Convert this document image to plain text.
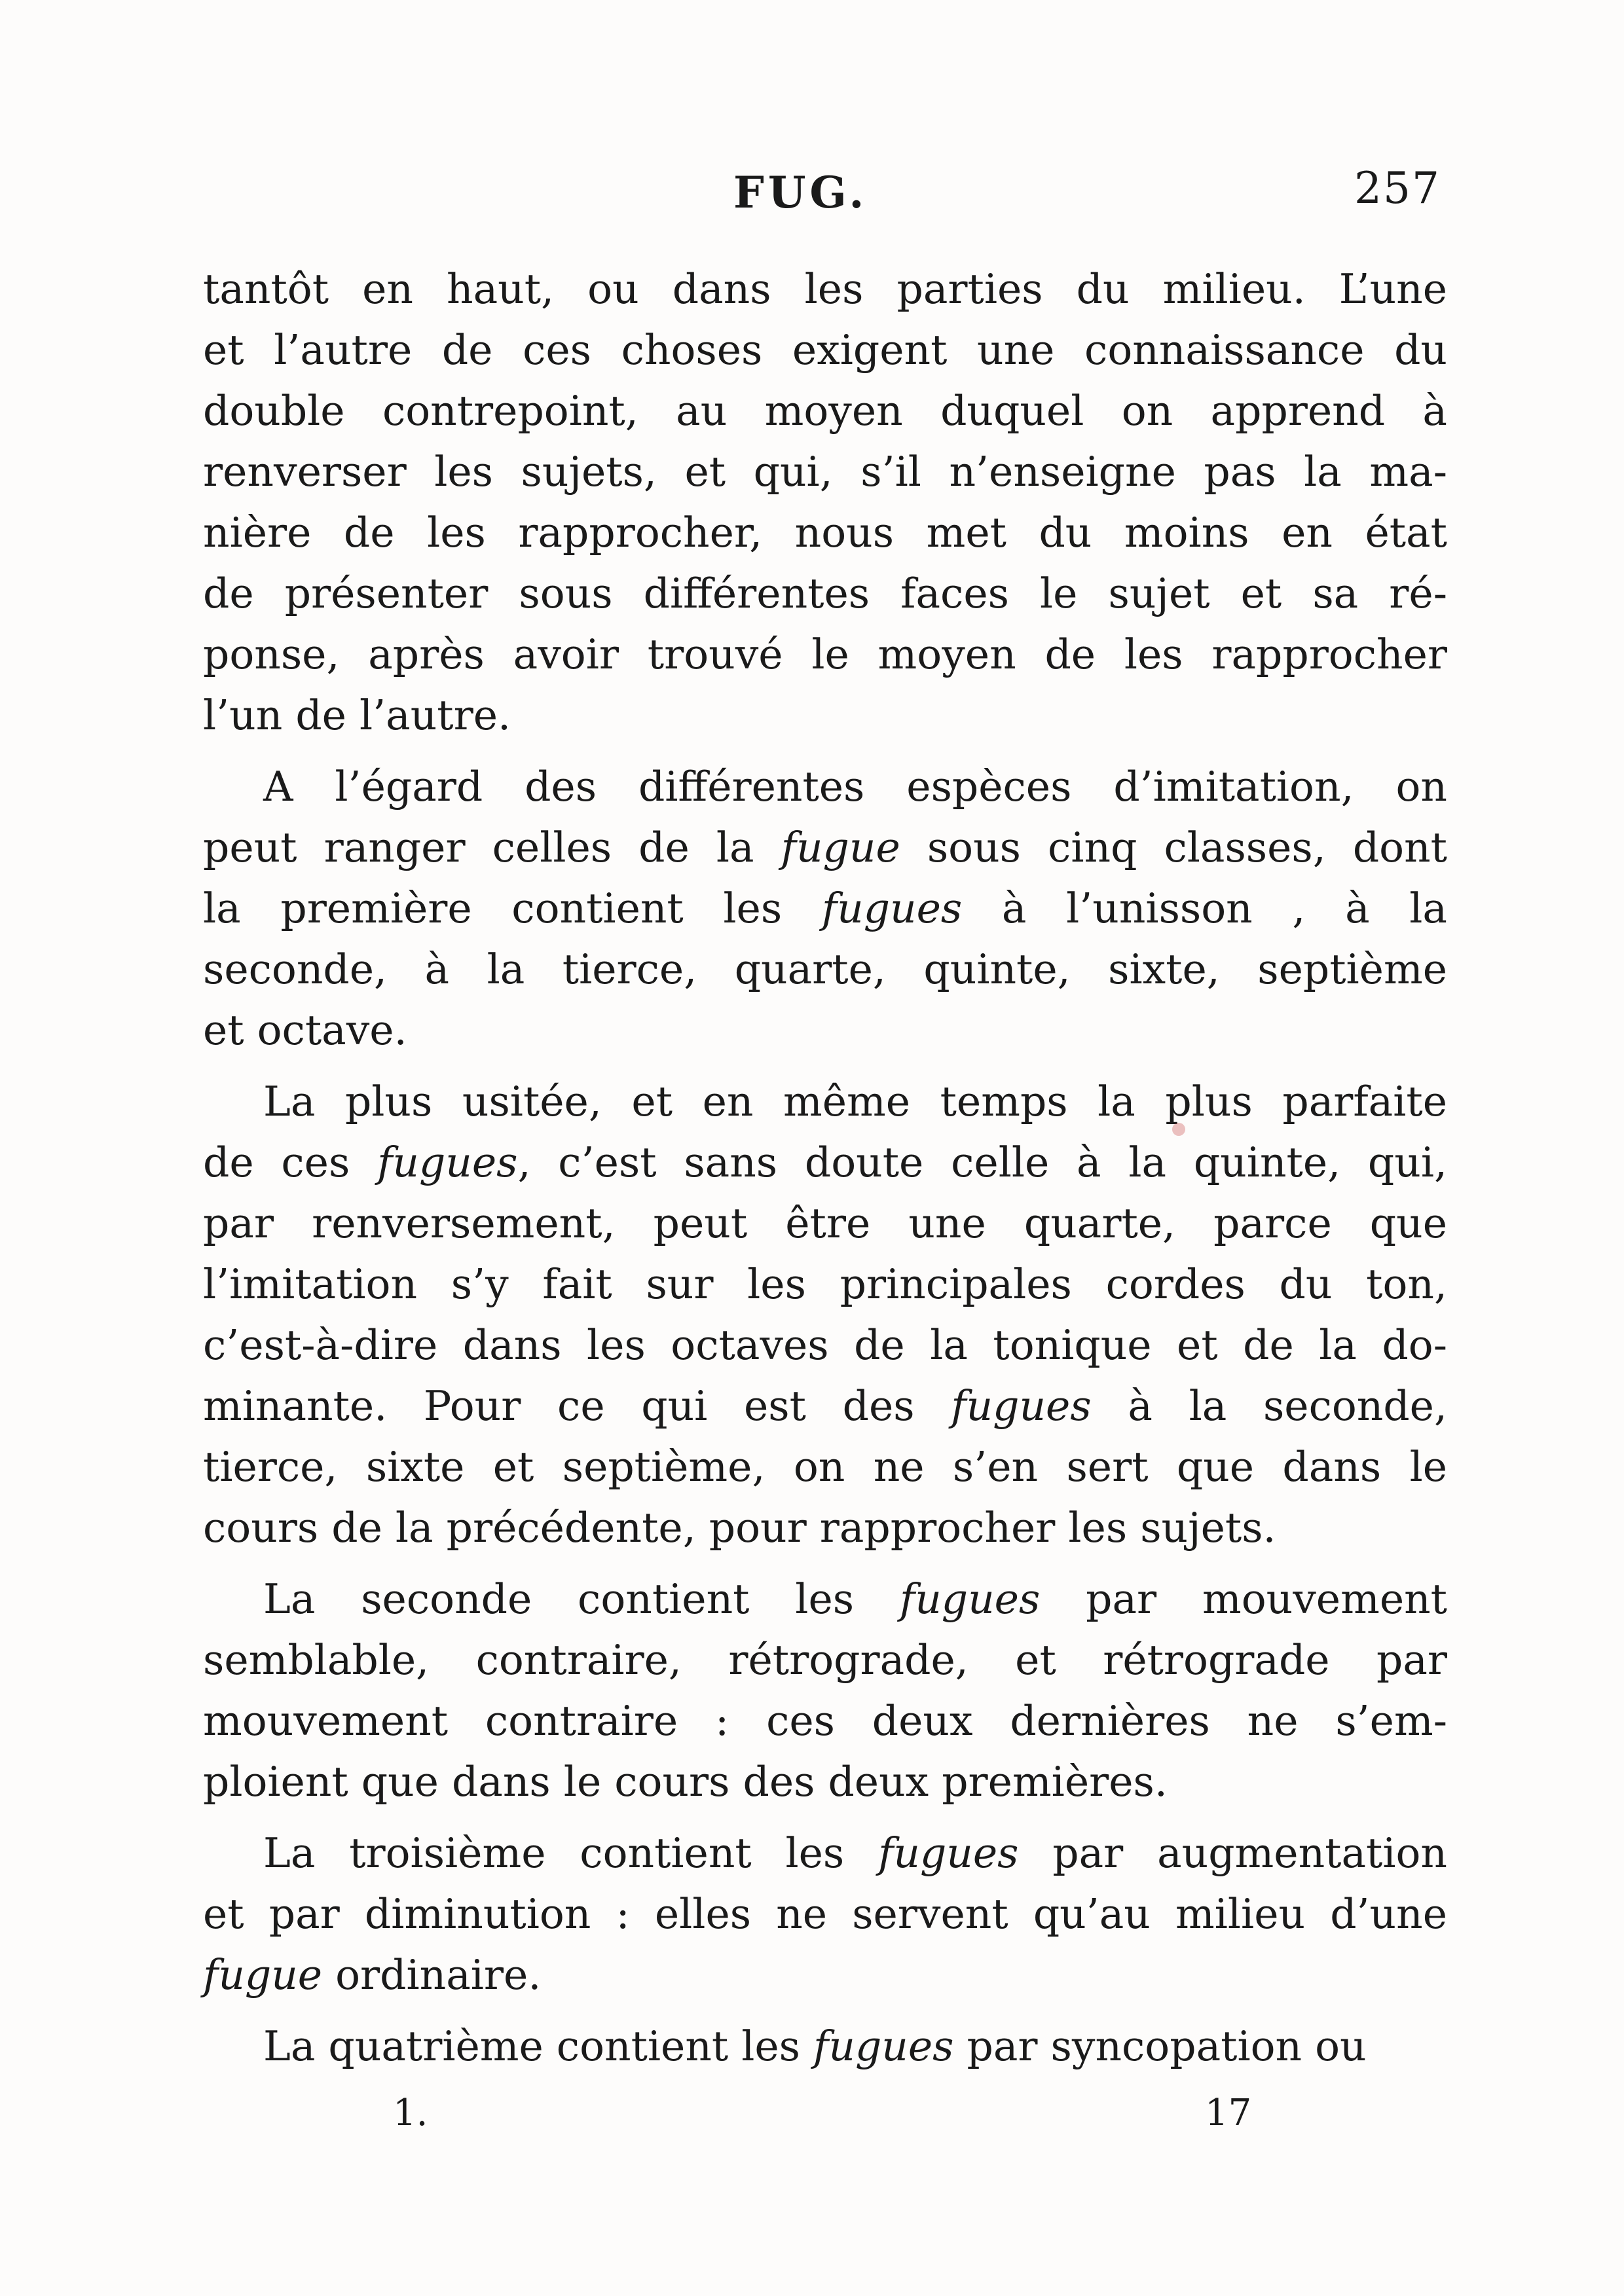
FUG.	257
tantôt en haut, ou dans les parties du milieu. L’une
et l’autre de ces choses exigent une connaissance du
double contrepoint, au moyen duquel on apprend à
renverser les sujets, et qui, s’il n’enseigne pas la ma-
nière de les rapprocher, nous met du moins en état
de présenter sous différentes faces le sujet et sa ré-
ponse, après avoir trouvé le moyen de les rapprocher
l’un de l’autre.
A l’égard des différentes espèces d’imitation, on
peut ranger celles de la fugue sous cinq classes, dont
la première contient les fugues à l’unisson , à la
seconde, à la tierce, quarte, quinte, sixte, septième
et octave.
La plus usitée, et en même temps la plus parfaite
de ces fugues, c’est sans doute celle à la quinte, qui,
par renversement, peut être une quarte, parce que
l’imitation s’y fait sur les principales cordes du ton,
c’est-à-dire dans les octaves de la tonique et de la do-
minante. Pour ce qui est des fugues à la seconde,
tierce, sixte et septième, on ne s’en sert que dans le
cours de la précédente, pour rapprocher les sujets.
La seconde contient les fugues par mouvement
semblable, contraire, rétrograde, et rétrograde par
mouvement contraire : ces deux dernières ne s’em-
ploient que dans le cours des deux premières.
La troisième contient les fugues par augmentation
et par diminution : elles ne servent qu’au milieu d’une
fugue ordinaire.
La quatrième contient les fugues par syncopation ou
1.	17
